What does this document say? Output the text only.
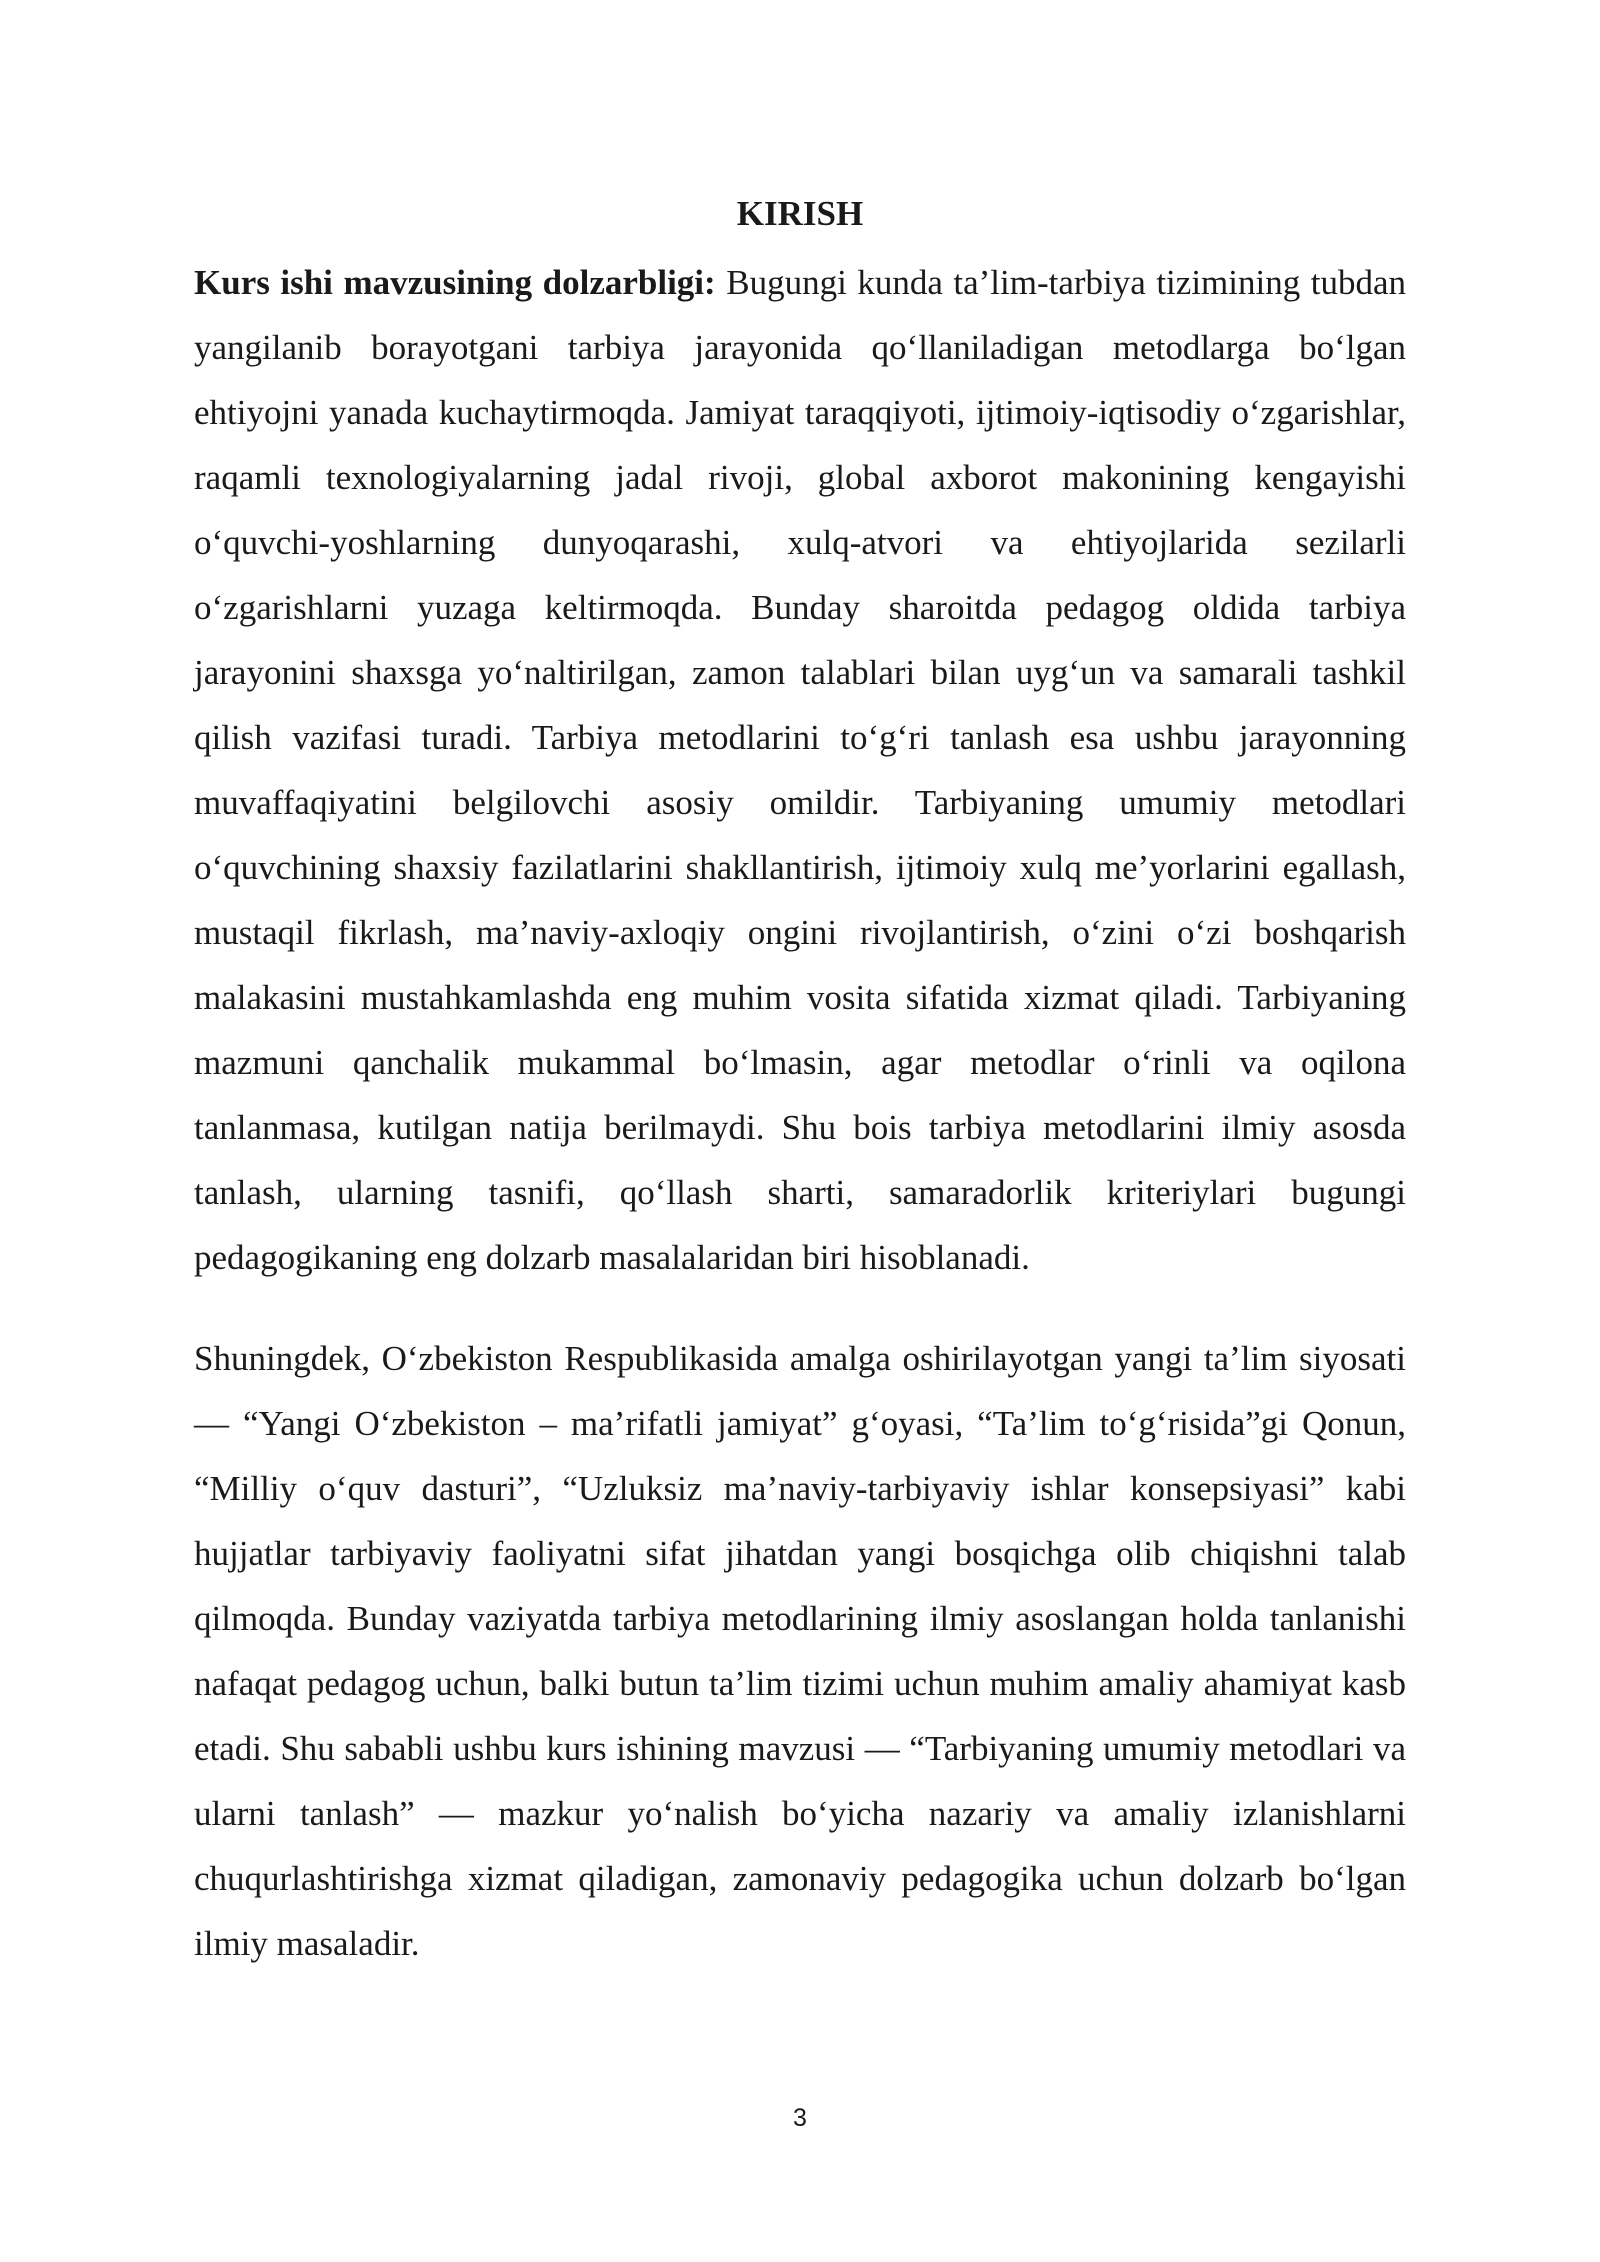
KIRISH

Kurs ishi mavzusining dolzarbligi: Bugungi kunda ta’lim-tarbiya tizimining tubdan yangilanib borayotgani tarbiya jarayonida qo‘llaniladigan metodlarga bo‘lgan ehtiyojni yanada kuchaytirmoqda. Jamiyat taraqqiyoti, ijtimoiy-iqtisodiy o‘zgarishlar, raqamli texnologiyalarning jadal rivoji, global axborot makonining kengayishi o‘quvchi-yoshlarning dunyoqarashi, xulq-atvori va ehtiyojlarida sezilarli o‘zgarishlarni yuzaga keltirmoqda. Bunday sharoitda pedagog oldida tarbiya jarayonini shaxsga yo‘naltirilgan, zamon talablari bilan uyg‘un va samarali tashkil qilish vazifasi turadi. Tarbiya metodlarini to‘g‘ri tanlash esa ushbu jarayonning muvaffaqiyatini belgilovchi asosiy omildir. Tarbiyaning umumiy metodlari o‘quvchining shaxsiy fazilatlarini shakllantirish, ijtimoiy xulq me’yorlarini egallash, mustaqil fikrlash, ma’naviy-axloqiy ongini rivojlantirish, o‘zini o‘zi boshqarish malakasini mustahkamlashda eng muhim vosita sifatida xizmat qiladi. Tarbiyaning mazmuni qanchalik mukammal bo‘lmasin, agar metodlar o‘rinli va oqilona tanlanmasa, kutilgan natija berilmaydi. Shu bois tarbiya metodlarini ilmiy asosda tanlash, ularning tasnifi, qo‘llash sharti, samaradorlik kriteriylari bugungi pedagogikaning eng dolzarb masalalaridan biri hisoblanadi.

Shuningdek, O‘zbekiston Respublikasida amalga oshirilayotgan yangi ta’lim siyosati — “Yangi O‘zbekiston – ma’rifatli jamiyat” g‘oyasi, “Ta’lim to‘g‘risida”gi Qonun, “Milliy o‘quv dasturi”, “Uzluksiz ma’naviy-tarbiyaviy ishlar konsepsiyasi” kabi hujjatlar tarbiyaviy faoliyatni sifat jihatdan yangi bosqichga olib chiqishni talab qilmoqda. Bunday vaziyatda tarbiya metodlarining ilmiy asoslangan holda tanlanishi nafaqat pedagog uchun, balki butun ta’lim tizimi uchun muhim amaliy ahamiyat kasb etadi. Shu sababli ushbu kurs ishining mavzusi — “Tarbiyaning umumiy metodlari va ularni tanlash” — mazkur yo‘nalish bo‘yicha nazariy va amaliy izlanishlarni chuqurlashtirishga xizmat qiladigan, zamonaviy pedagogika uchun dolzarb bo‘lgan ilmiy masaladir.

3
